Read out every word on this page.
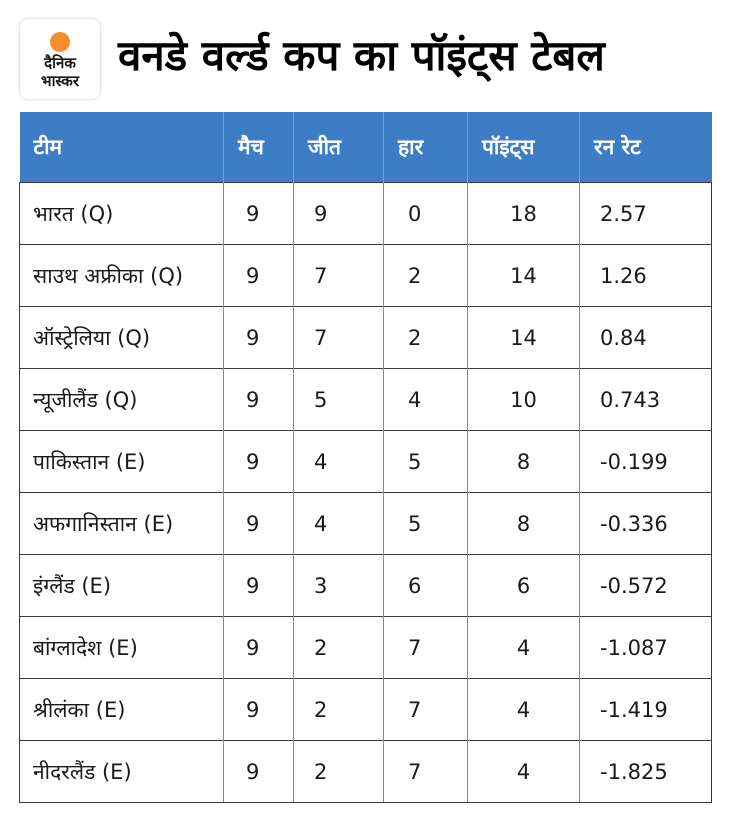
दैनिक
भास्कर
वनडे वर्ल्ड कप का पॉइंट्स टेबल
टीम	मैच	जीत	हार	पॉइंट्स	रन रेट
भारत (Q)	9	9	0	18	2.57
साउथ अफ्रीका (Q)	9	7	2	14	1.26
ऑस्ट्रेलिया (Q)	9	7	2	14	0.84
न्यूजीलैंड (Q)	9	5	4	10	0.743
पाकिस्तान (E)	9	4	5	8	-0.199
अफगानिस्तान (E)	9	4	5	8	-0.336
इंग्लैंड (E)	9	3	6	6	-0.572
बांग्लादेश (E)	9	2	7	4	-1.087
श्रीलंका (E)	9	2	7	4	-1.419
नीदरलैंड (E)	9	2	7	4	-1.825
